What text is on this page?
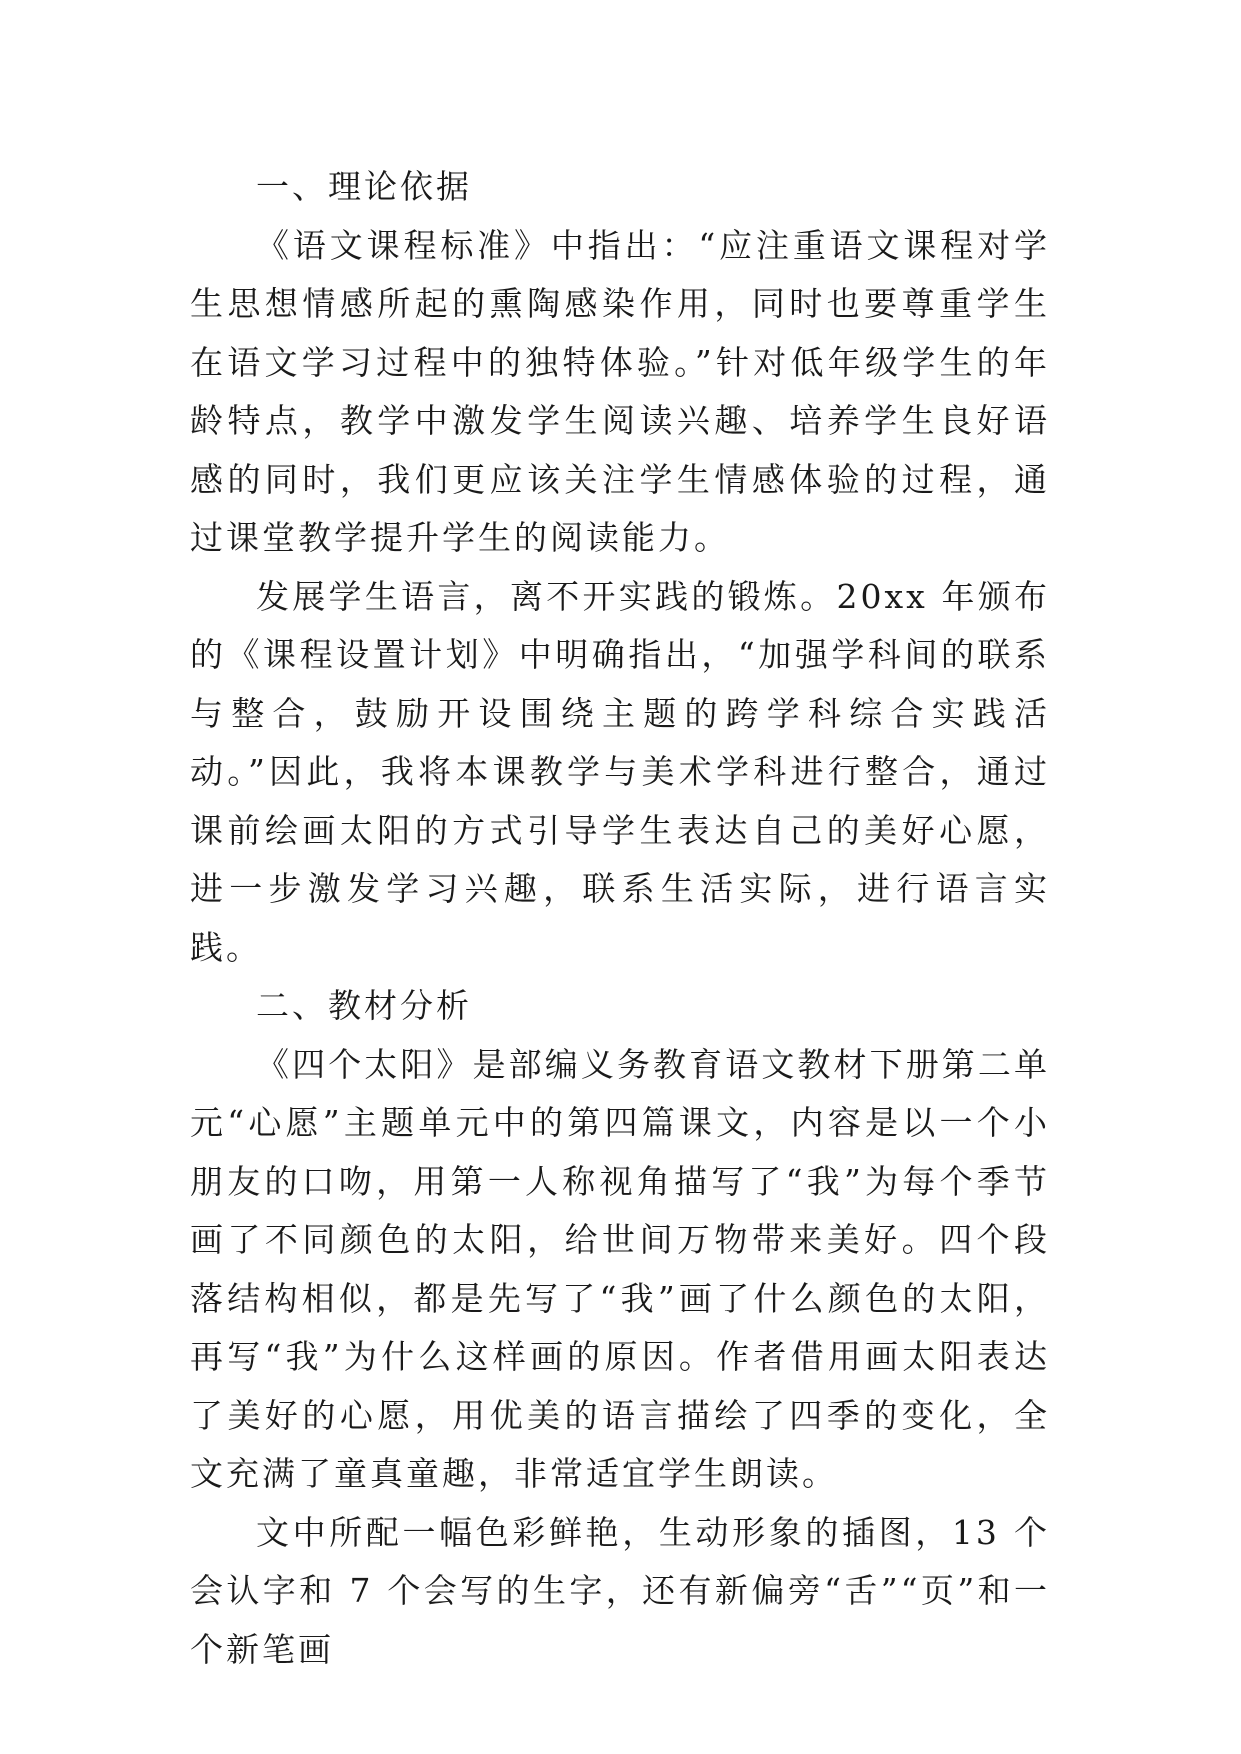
一、理论依据

《语文课程标准》中指出：“应注重语文课程对学生思想情感所起的熏陶感染作用，同时也要尊重学生在语文学习过程中的独特体验。”针对低年级学生的年龄特点，教学中激发学生阅读兴趣、培养学生良好语感的同时，我们更应该关注学生情感体验的过程，通过课堂教学提升学生的阅读能力。

发展学生语言，离不开实践的锻炼。20xx 年颁布的《课程设置计划》中明确指出，“加强学科间的联系与整合，鼓励开设围绕主题的跨学科综合实践活动。”因此，我将本课教学与美术学科进行整合，通过课前绘画太阳的方式引导学生表达自己的美好心愿，进一步激发学习兴趣，联系生活实际，进行语言实践。

二、教材分析

《四个太阳》是部编义务教育语文教材下册第二单元“心愿”主题单元中的第四篇课文，内容是以一个小朋友的口吻，用第一人称视角描写了“我”为每个季节画了不同颜色的太阳，给世间万物带来美好。四个段落结构相似，都是先写了“我”画了什么颜色的太阳，再写“我”为什么这样画的原因。作者借用画太阳表达了美好的心愿，用优美的语言描绘了四季的变化，全文充满了童真童趣，非常适宜学生朗读。

文中所配一幅色彩鲜艳，生动形象的插图，13 个会认字和 7 个会写的生字，还有新偏旁“舌”“页”和一个新笔画
